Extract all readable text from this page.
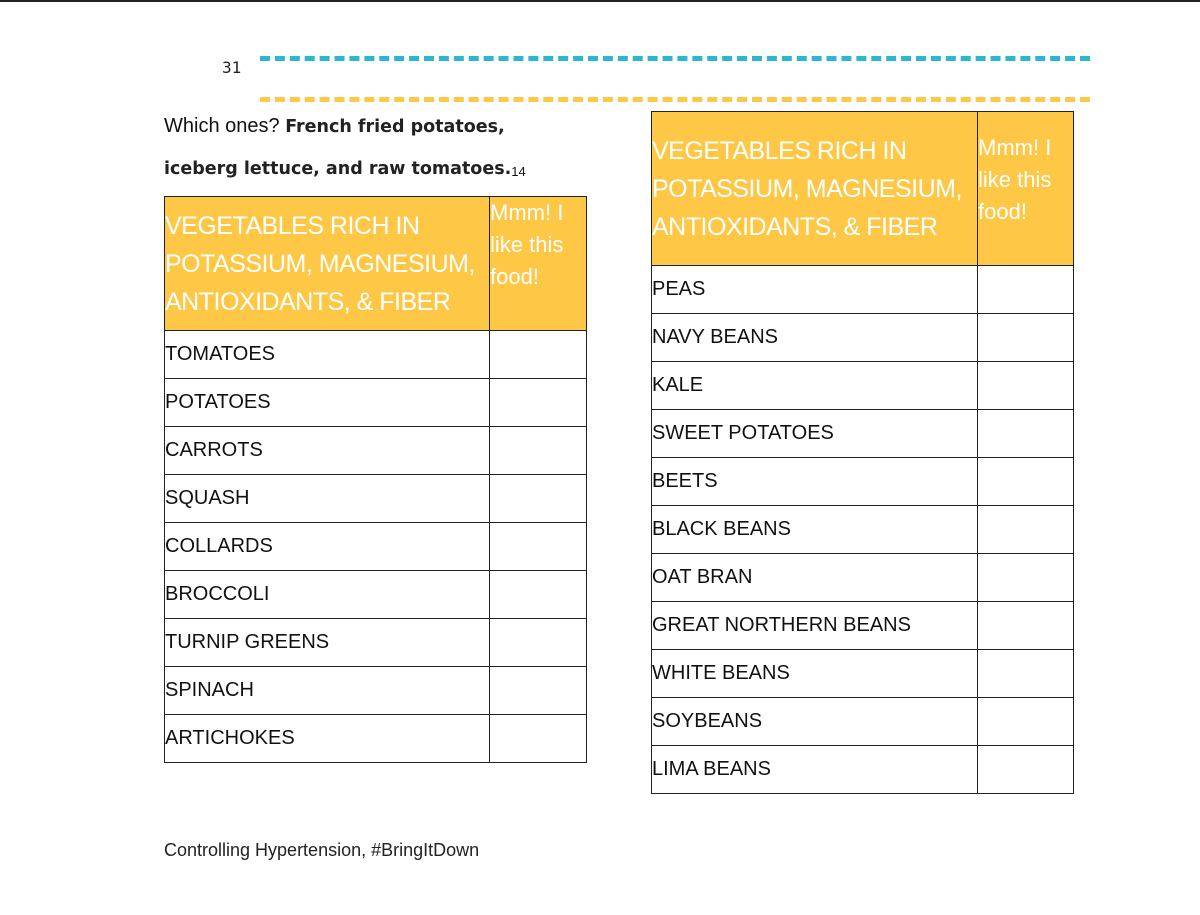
31
Which ones? French fried potatoes, iceberg lettuce, and raw $tomatoes._{14}$
VEGETABLES RICH IN POTASSIUM, MAGNESIUM, ANTIOXIDANTS, & FIBER	Mmm! I like this food!
TOMATOES	
POTATOES	
CARROTS	
SQUASH	
COLLARDS	
BROCCOLI	
TURNIP GREENS	
SPINACH	
ARTICHOKES	
VEGETABLES RICH IN POTASSIUM, MAGNESIUM, ANTIOXIDANTS, & FIBER	Mmm! I like this food!
PEAS	
NAVY BEANS	
KALE	
SWEET POTATOES	
BEETS	
BLACK BEANS	
OAT BRAN	
GREAT NORTHERN BEANS	
WHITE BEANS	
SOYBEANS	
LIMA BEANS	
Controlling Hypertension, #BringItDown
